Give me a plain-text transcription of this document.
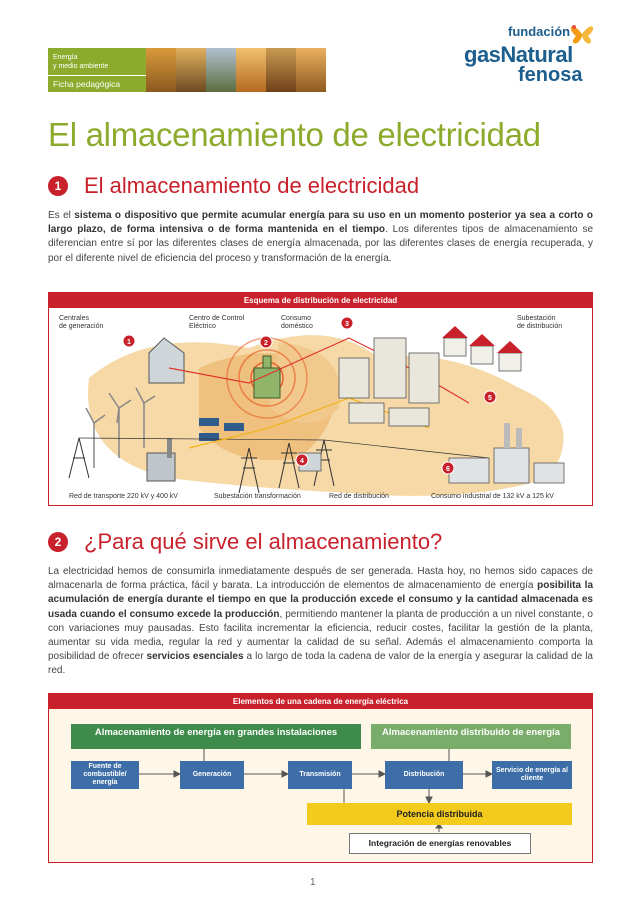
Energía
y medio ambiente
Ficha pedagógica
fundación
gasNatural
fenosa
El almacenamiento de electricidad
1	El almacenamiento de electricidad
Es el sistema o dispositivo que permite acumular energía para su uso en un momento posterior ya sea a corto o largo plazo, de forma intensiva o de forma mantenida en el tiempo. Los diferentes tipos de almacenamiento se diferencian entre sí por las diferentes clases de energía almacenada, por las diferentes clases de energía recuperada, y por el diferente nivel de eficiencia del proceso y transformación de la energía.
Esquema de distribución de electricidad
1	2
3
4
5
6
Centrales
de generación
Centro de Control
Eléctrico
Consumo
doméstico
Subestación
de distribución
Red de transporte 220 kV y 400 kV	Subestación transformación	Red de distribución	Consumo industrial de 132 kV a 125 kV
2	¿Para qué sirve el almacenamiento?
La electricidad hemos de consumirla inmediatamente después de ser generada. Hasta hoy, no hemos sido capaces de almacenarla de forma práctica, fácil y barata. La introducción de elementos de almacenamiento de energía posibilita la acumulación de energía durante el tiempo en que la producción excede el consumo y la cantidad almacenada es usada cuando el consumo excede la producción, permitiendo mantener la planta de producción a un nivel constante, o con variaciones muy pausadas. Esto facilita incrementar la eficiencia, reducir costes, facilitar la gestión de la planta, aumentar su vida media, regular la red y aumentar la calidad de su señal. Además el almacenamiento comporta la posibilidad de ofrecer servicios esenciales a lo largo de toda la cadena de valor de la energía y asegurar la calidad de la red.
Elementos de una cadena de energía eléctrica
Almacenamiento de energía en grandes instalaciones	Almacenamiento distribuido de energía
Fuente de combustible/ energía
Generación	Transmisión	Distribución
Servicio de energía al cliente
Potencia distribuida
Integración de energías renovables
1
